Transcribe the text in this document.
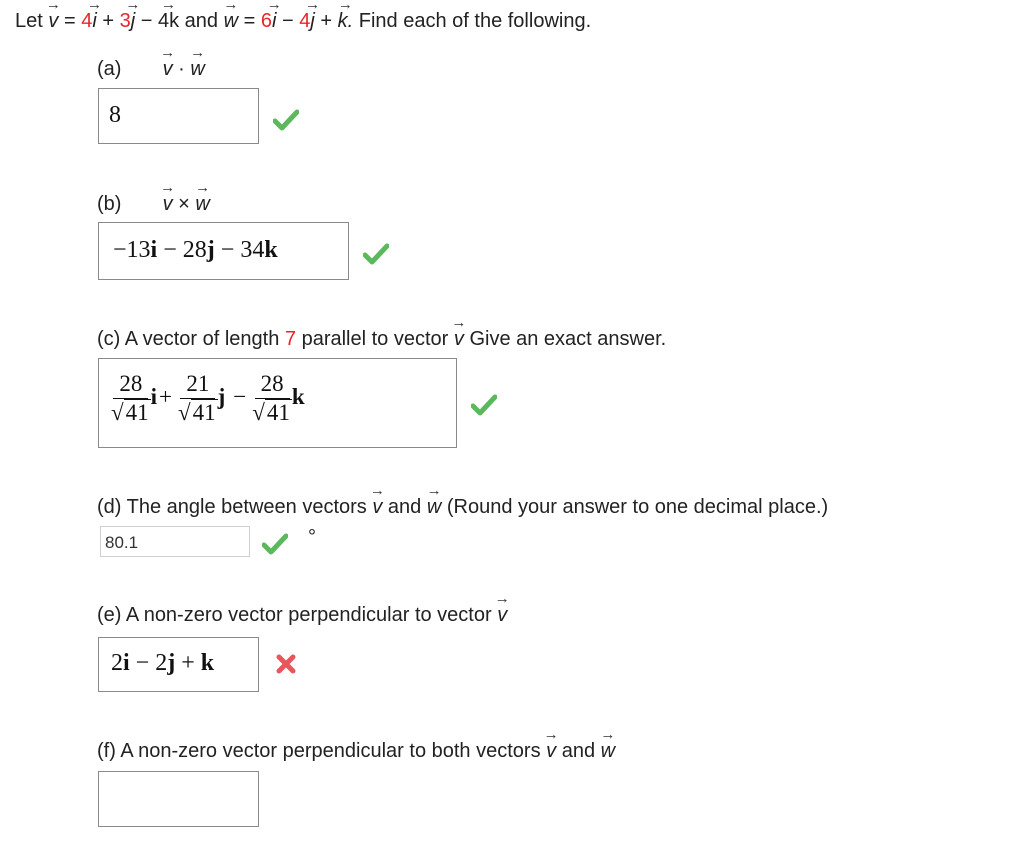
Let → v = 4→ i + 3→ j − → 4k and → w = 6→ i − 4→ j + → k. Find each of the following.
(a) → v · → w
8
(b) → v × → w
−13i − 28j − 34k
(c) A vector of length 7 parallel to vector → v Give an exact answer.
$\frac{28}{√41}$ $i + \frac{21}{√41}$ $j - \frac{28}{√41}$ k
(d) The angle between vectors → v and → w (Round your answer to one decimal place.)
80.1	°
(e) A non-zero vector perpendicular to vector → v
2i − 2j + k
(f) A non-zero vector perpendicular to both vectors → v and → w
